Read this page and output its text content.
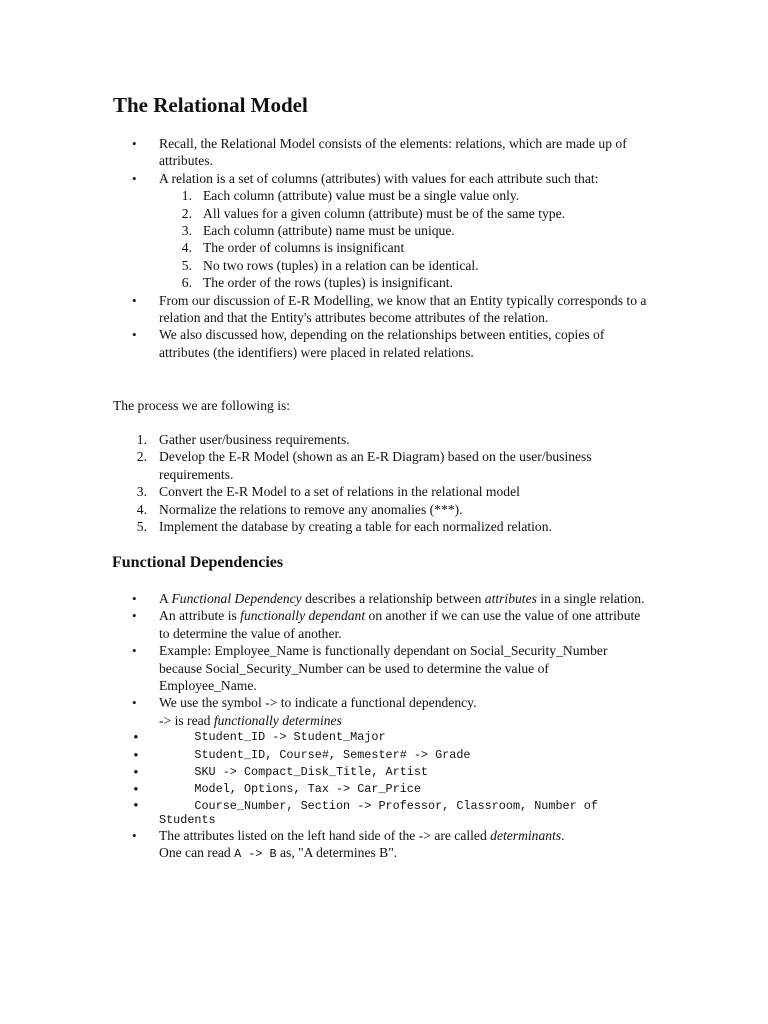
The Relational Model
• Recall, the Relational Model consists of the elements: relations, which are made up of attributes.
• A relation is a set of columns (attributes) with values for each attribute such that:
1. Each column (attribute) value must be a single value only.
2. All values for a given column (attribute) must be of the same type.
3. Each column (attribute) name must be unique.
4. The order of columns is insignificant
5. No two rows (tuples) in a relation can be identical.
6. The order of the rows (tuples) is insignificant.
• From our discussion of E-R Modelling, we know that an Entity typically corresponds to a relation and that the Entity's attributes become attributes of the relation.
• We also discussed how, depending on the relationships between entities, copies of attributes (the identifiers) were placed in related relations.

The process we are following is:

1. Gather user/business requirements.
2. Develop the E-R Model (shown as an E-R Diagram) based on the user/business requirements.
3. Convert the E-R Model to a set of relations in the relational model
4. Normalize the relations to remove any anomalies (***).
5. Implement the database by creating a table for each normalized relation.
Functional Dependencies
• A Functional Dependency describes a relationship between attributes in a single relation.
• An attribute is functionally dependant on another if we can use the value of one attribute to determine the value of another.
• Example: Employee_Name is functionally dependant on Social_Security_Number because Social_Security_Number can be used to determine the value of Employee_Name.
• We use the symbol -> to indicate a functional dependency.
-> is read functionally determines
•      Student_ID -> Student_Major
•      Student_ID, Course#, Semester# -> Grade
•      SKU -> Compact_Disk_Title, Artist
•      Model, Options, Tax -> Car_Price
•      Course_Number, Section -> Professor, Classroom, Number of
Students
• The attributes listed on the left hand side of the -> are called determinants.
One can read A -> B as, "A determines B".
